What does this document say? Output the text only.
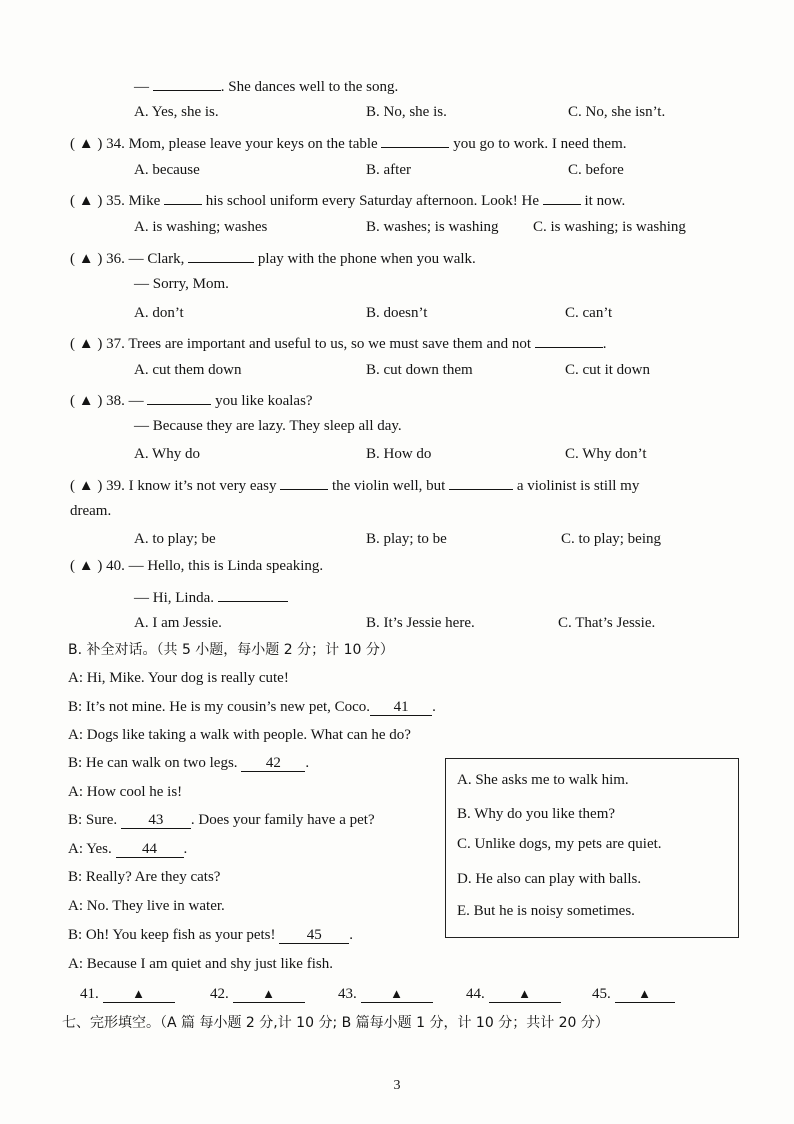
—	. She dances well to the song.
A. Yes, she is.	B. No, she is.	C. No, she isn’t.
( ▲ ) 34. Mom, please leave your keys on the table	you go to work. I need them.
A. because	B. after	C. before
( ▲ ) 35. Mike	his school uniform every Saturday afternoon. Look! He	it now.
A. is washing; washes	B. washes; is washing C. is washing; is washing
( ▲ ) 36. — Clark,	play with the phone when you walk.
— Sorry, Mom.
A. don’t	B. doesn’t	C. can’t
( ▲ ) 37. Trees are important and useful to us, so we must save them and not	.
A. cut them down	B. cut down them	C. cut it down
( ▲ ) 38. —	you like koalas?
— Because they are lazy. They sleep all day.
A. Why do	B. How do	C. Why don’t
( ▲ ) 39. I know it’s not very easy	the violin well, but	a violinist is still my
dream.
A. to play; be	B. play; to be	C. to play; being
( ▲ ) 40. — Hello, this is Linda speaking.
— Hi, Linda.
A. I am Jessie.	B. It’s Jessie here.	C. That’s Jessie.
B. 补全对话。（共 5 小题，每小题 2 分；计 10 分）
A: Hi, Mike. Your dog is really cute!
B: It’s not mine. He is my cousin’s new pet, Coco. 41 .
A: Dogs like taking a walk with people. What can he do?
B: He can walk on two legs. 42 .
A: How cool he is!
B: Sure. 43 . Does your family have a pet?
A: Yes. 44 .
B: Really? Are they cats?
A: No. They live in water.
B: Oh! You keep fish as your pets! 45 .
A: Because I am quiet and shy just like fish.
A. She asks me to walk him.
B. Why do you like them?
C. Unlike dogs, my pets are quiet.
D. He also can play with balls.
E. But he is noisy sometimes.
41.	▲	42.	▲	43.	▲	44.	▲	45. ▲
七、完形填空。（A 篇 每小题 2 分,计 10 分; B 篇每小题 1 分，计 10 分；共计 20 分）
3
